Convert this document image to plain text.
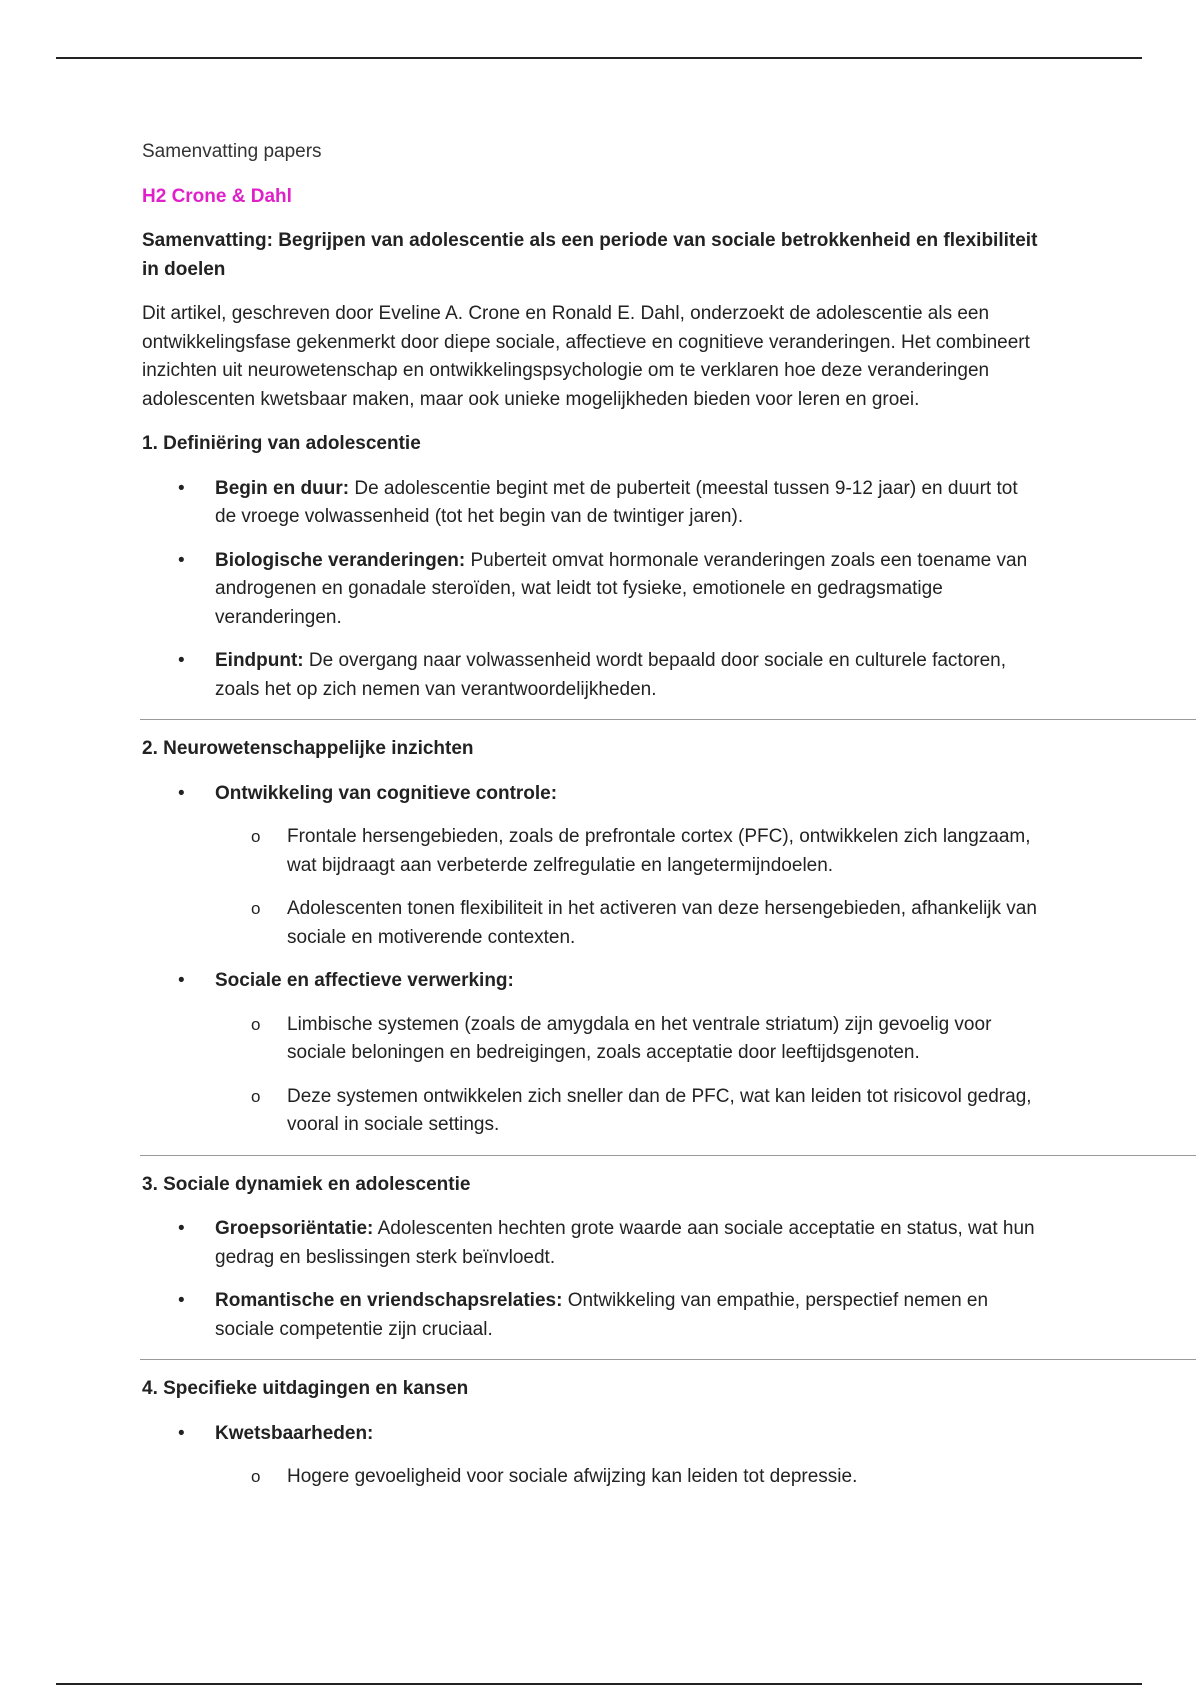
Samenvatting papers

H2 Crone & Dahl

Samenvatting: Begrijpen van adolescentie als een periode van sociale betrokkenheid en flexibiliteit in doelen

Dit artikel, geschreven door Eveline A. Crone en Ronald E. Dahl, onderzoekt de adolescentie als een ontwikkelingsfase gekenmerkt door diepe sociale, affectieve en cognitieve veranderingen. Het combineert inzichten uit neurowetenschap en ontwikkelingspsychologie om te verklaren hoe deze veranderingen adolescenten kwetsbaar maken, maar ook unieke mogelijkheden bieden voor leren en groei.

1. Definiëring van adolescentie

• Begin en duur: De adolescentie begint met de puberteit (meestal tussen 9-12 jaar) en duurt tot de vroege volwassenheid (tot het begin van de twintiger jaren).
• Biologische veranderingen: Puberteit omvat hormonale veranderingen zoals een toename van androgenen en gonadale steroïden, wat leidt tot fysieke, emotionele en gedragsmatige veranderingen.
• Eindpunt: De overgang naar volwassenheid wordt bepaald door sociale en culturele factoren, zoals het op zich nemen van verantwoordelijkheden.

2. Neurowetenschappelijke inzichten

• Ontwikkeling van cognitieve controle:
o Frontale hersengebieden, zoals de prefrontale cortex (PFC), ontwikkelen zich langzaam, wat bijdraagt aan verbeterde zelfregulatie en langetermijndoelen.
o Adolescenten tonen flexibiliteit in het activeren van deze hersengebieden, afhankelijk van sociale en motiverende contexten.
• Sociale en affectieve verwerking:
o Limbische systemen (zoals de amygdala en het ventrale striatum) zijn gevoelig voor sociale beloningen en bedreigingen, zoals acceptatie door leeftijdsgenoten.
o Deze systemen ontwikkelen zich sneller dan de PFC, wat kan leiden tot risicovol gedrag, vooral in sociale settings.

3. Sociale dynamiek en adolescentie

• Groepsoriëntatie: Adolescenten hechten grote waarde aan sociale acceptatie en status, wat hun gedrag en beslissingen sterk beïnvloedt.
• Romantische en vriendschapsrelaties: Ontwikkeling van empathie, perspectief nemen en sociale competentie zijn cruciaal.

4. Specifieke uitdagingen en kansen

• Kwetsbaarheden:
o Hogere gevoeligheid voor sociale afwijzing kan leiden tot depressie.
